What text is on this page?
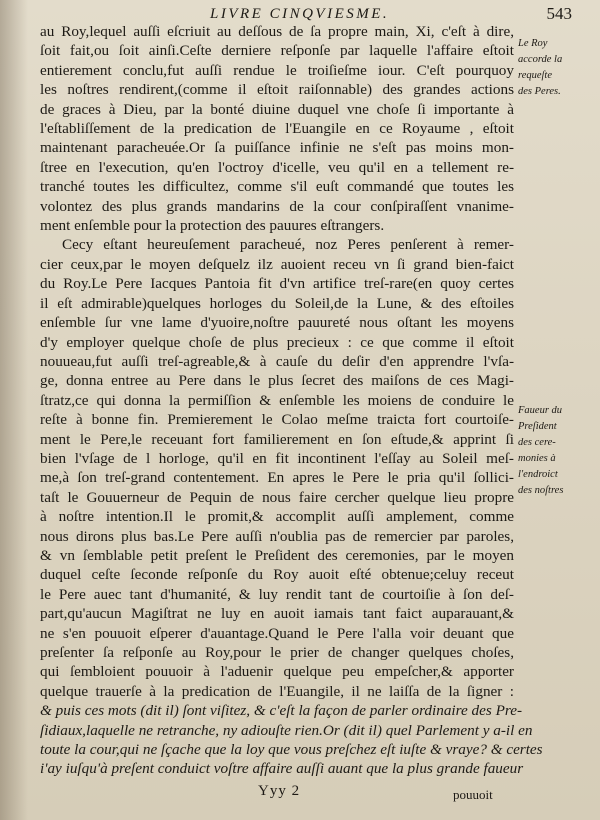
LIVRE CINQVIESME.	543
au Roy,lequel auſſi eſcriuit au deſſous de ſa propre main, Xi, c'eſt à dire,
ſoit fait,ou ſoit ainſi.Ceſte derniere reſponſe par laquelle l'affaire eſtoit
entierement conclu,fut auſſi rendue le troiſieſme iour. C'eſt pourquoy
les noſtres rendirent,(comme il eſtoit raiſonnable) des grandes actions
de graces à Dieu, par la bonté diuine duquel vne choſe ſi importante à
l'eſtabliſſement de la predication de l'Euangile en ce Royaume , eſtoit
maintenant paracheuée.Or ſa puiſſance infinie ne s'eſt pas moins mon-
ſtree en l'execution, qu'en l'octroy d'icelle, veu qu'il en a tellement re-
tranché toutes les difficultez, comme s'il euſt commandé que toutes les
volontez des plus grands mandarins de la cour conſpiraſſent vnanime-
ment enſemble pour la protection des pauures eſtrangers.
Cecy eſtant heureuſement paracheué, noz Peres penſerent à remer-
cier ceux,par le moyen deſquelz ilz auoient receu vn ſi grand bien-faict
du Roy.Le Pere Iacques Pantoia fit d'vn artifice treſ-rare(en quoy certes
il eſt admirable)quelques horloges du Soleil,de la Lune, & des eſtoiles
enſemble ſur vne lame d'yuoire,noſtre pauureté nous oſtant les moyens
d'y employer quelque choſe de plus precieux : ce que comme il eſtoit
nouueau,fut auſſi treſ-agreable,& à cauſe du deſir d'en apprendre l'vſa-
ge, donna entree au Pere dans le plus ſecret des maiſons de ces Magi-
ſtratz,ce qui donna la permiſſion & enſemble les moiens de conduire le
reſte à bonne fin. Premierement le Colao meſme traicta fort courtoiſe-
ment le Pere,le receuant fort familierement en ſon eſtude,& apprint ſi
bien l'vſage de l horloge, qu'il en fit incontinent l'eſſay au Soleil meſ-
me,à ſon treſ-grand contentement. En apres le Pere le pria qu'il ſollici-
taſt le Gouuerneur de Pequin de nous faire cercher quelque lieu propre
à noſtre intention.Il le promit,& accomplit auſſi amplement, comme
nous dirons plus bas.Le Pere auſſi n'oublia pas de remercier par paroles,
& vn ſemblable petit preſent le Preſident des ceremonies, par le moyen
duquel ceſte ſeconde reſponſe du Roy auoit eſté obtenue;celuy receut
le Pere auec tant d'humanité, & luy rendit tant de courtoiſie à ſon deſ-
part,qu'aucun Magiſtrat ne luy en auoit iamais tant faict auparauant,&
ne s'en pouuoit eſperer d'auantage.Quand le Pere l'alla voir deuant que
preſenter ſa reſponſe au Roy,pour le prier de changer quelques choſes,
qui ſembloient pouuoir à l'aduenir quelque peu empeſcher,& apporter
quelque trauerſe à la predication de l'Euangile, il ne laiſſa de la ſigner :
& puis ces mots (dit il) ſont viſitez, & c'eſt la façon de parler ordinaire des Pre-
ſidiaux,laquelle ne retranche, ny adiouſte rien.Or (dit il) quel Parlement y a-il en
toute la cour,qui ne ſçache que la loy que vous preſchez eſt iuſte & vraye? & certes
i'ay iuſqu'à preſent conduict voſtre affaire auſſi auant que la plus grande faueur
Le Roy
accorde la
requeſte
des Peres.
Faueur du
Preſident
des cere-
monies à
l'endroict
des noſtres
Yyy 2	pouuoit
